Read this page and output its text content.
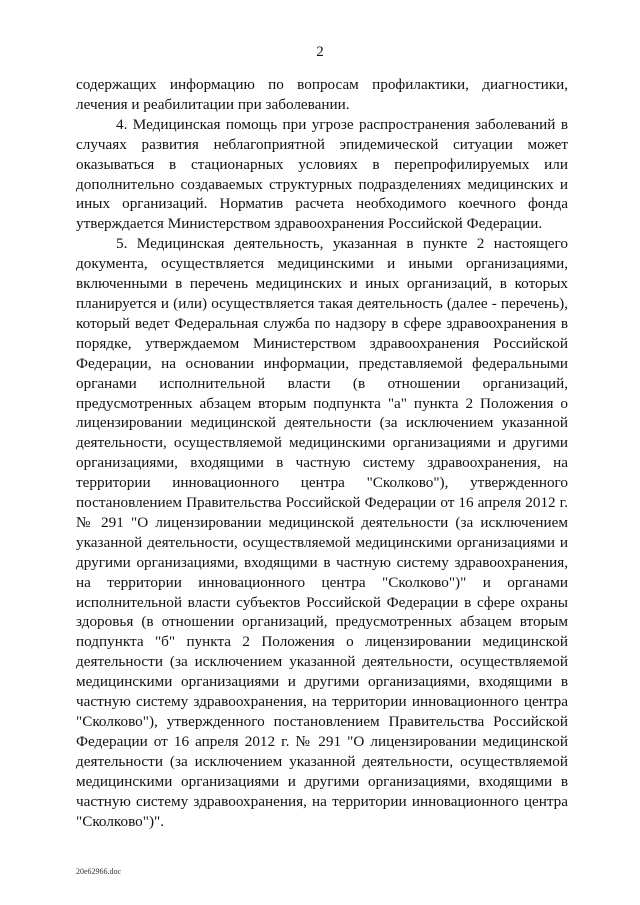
2

содержащих информацию по вопросам профилактики, диагностики, лечения и реабилитации при заболевании.

4. Медицинская помощь при угрозе распространения заболеваний в случаях развития неблагоприятной эпидемической ситуации может оказываться в стационарных условиях в перепрофилируемых или дополнительно создаваемых структурных подразделениях медицинских и иных организаций. Норматив расчета необходимого коечного фонда утверждается Министерством здравоохранения Российской Федерации.

5. Медицинская деятельность, указанная в пункте 2 настоящего документа, осуществляется медицинскими и иными организациями, включенными в перечень медицинских и иных организаций, в которых планируется и (или) осуществляется такая деятельность (далее - перечень), который ведет Федеральная служба по надзору в сфере здравоохранения в порядке, утверждаемом Министерством здравоохранения Российской Федерации, на основании информации, представляемой федеральными органами исполнительной власти (в отношении организаций, предусмотренных абзацем вторым подпункта "а" пункта 2 Положения о лицензировании медицинской деятельности (за исключением указанной деятельности, осуществляемой медицинскими организациями и другими организациями, входящими в частную систему здравоохранения, на территории инновационного центра "Сколково"), утвержденного постановлением Правительства Российской Федерации от 16 апреля 2012 г. № 291 "О лицензировании медицинской деятельности (за исключением указанной деятельности, осуществляемой медицинскими организациями и другими организациями, входящими в частную систему здравоохранения, на территории инновационного центра "Сколково")" и органами исполнительной власти субъектов Российской Федерации в сфере охраны здоровья (в отношении организаций, предусмотренных абзацем вторым подпункта "б" пункта 2 Положения о лицензировании медицинской деятельности (за исключением указанной деятельности, осуществляемой медицинскими организациями и другими организациями, входящими в частную систему здравоохранения, на территории инновационного центра "Сколково"), утвержденного постановлением Правительства Российской Федерации от 16 апреля 2012 г. № 291 "О лицензировании медицинской деятельности (за исключением указанной деятельности, осуществляемой медицинскими организациями и другими организациями, входящими в частную систему здравоохранения, на территории инновационного центра "Сколково")".

20e62966.doc
